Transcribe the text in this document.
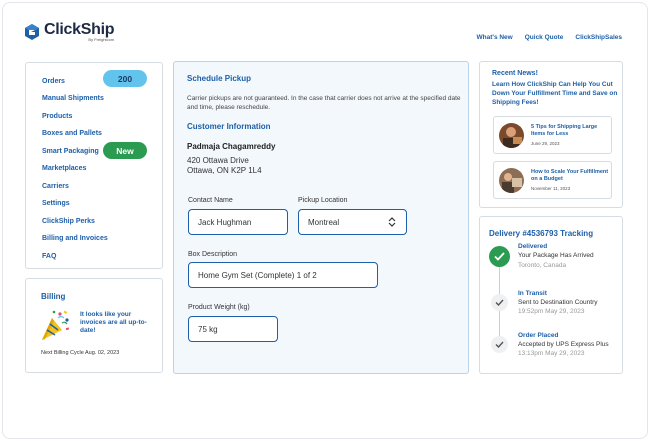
ClickShip
By Freightcom	What's New Quick Quote ClickShipSales
Orders
Manual Shipments
Products
Boxes and Pallets
Smart Packaging
Marketplaces
Carriers
Settings
ClickShip Perks
Billing and Invoices
FAQ
200
New
Billing
It looks like your invoices are all up-to-date!
Next Billing Cycle Aug. 02, 2023
Schedule Pickup
Carrier pickups are not guaranteed. In the case that carrier does not arrive at the specified date and time, please reschedule.
Customer Information
Padmaja Chagamreddy
420 Ottawa Drive
Ottawa, ON K2P 1L4
Contact Name
Jack Hughman
Pickup Location
Montreal
Box Description
Home Gym Set (Complete) 1 of 2
Product Weight (kg)
75 kg
Recent News!
Learn How ClickShip Can Help You Cut Down Your Fulfillment Time and Save on Shipping Fees!
5 Tips for Shipping Large Items for Less
June 29, 2023
How to Scale Your Fulfillment on a Budget
November 11, 2023
Delivery #4536793 Tracking
Delivered
Your Package Has Arrived
Toronto, Canada
In Transit
Sent to Destination Country
19:52pm May 29, 2023
Order Placed
Accepted by UPS Express Plus
13:13pm May 29, 2023
